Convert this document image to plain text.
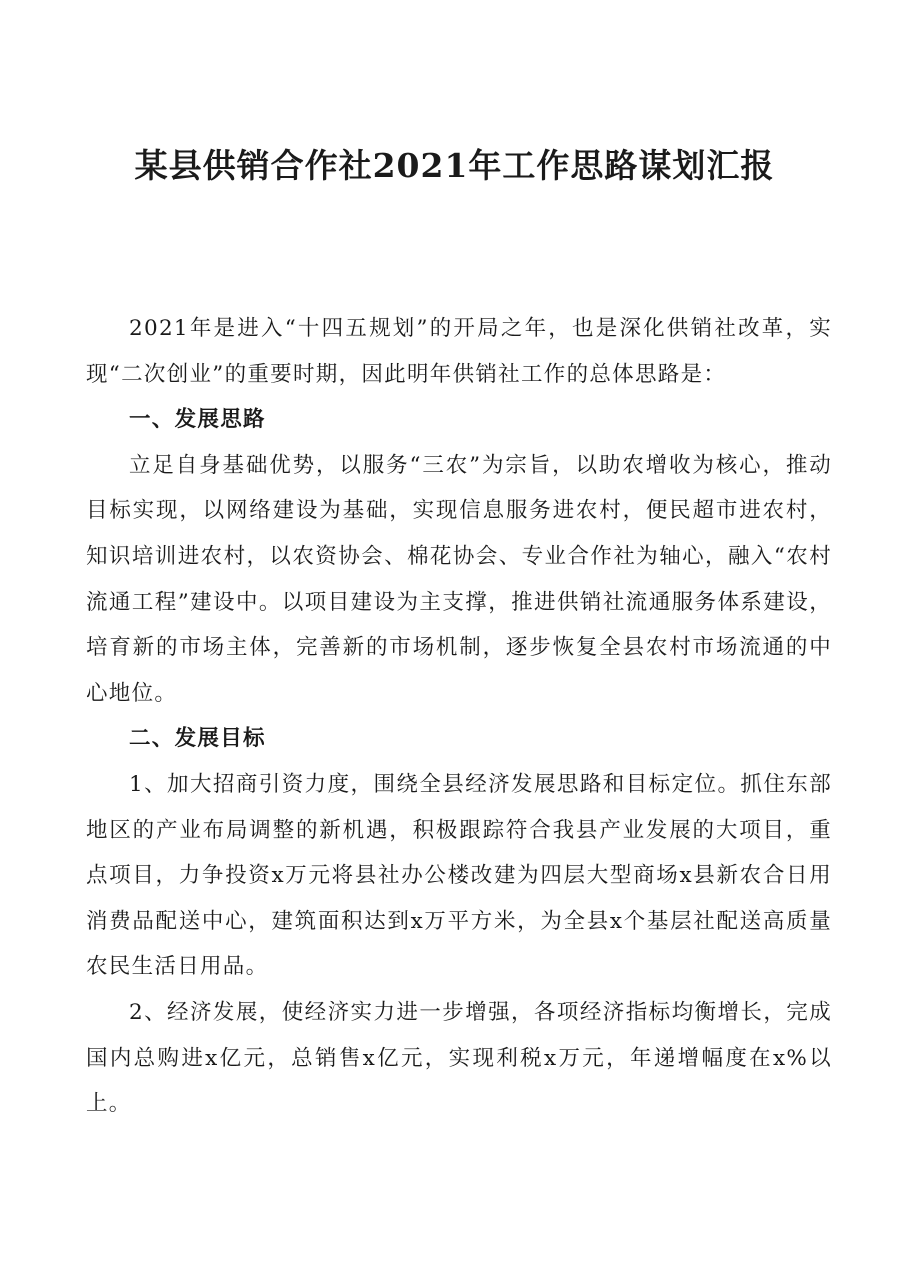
某县供销合作社2021年工作思路谋划汇报

2021年是进入“十四五规划”的开局之年，也是深化供销社改革，实现“二次创业”的重要时期，因此明年供销社工作的总体思路是：

一、发展思路

立足自身基础优势，以服务“三农”为宗旨，以助农增收为核心，推动目标实现，以网络建设为基础，实现信息服务进农村，便民超市进农村，知识培训进农村，以农资协会、棉花协会、专业合作社为轴心，融入“农村流通工程”建设中。以项目建设为主支撑，推进供销社流通服务体系建设，培育新的市场主体，完善新的市场机制，逐步恢复全县农村市场流通的中心地位。

二、发展目标

1、加大招商引资力度，围绕全县经济发展思路和目标定位。抓住东部地区的产业布局调整的新机遇，积极跟踪符合我县产业发展的大项目，重点项目，力争投资x万元将县社办公楼改建为四层大型商场x县新农合日用消费品配送中心，建筑面积达到x万平方米，为全县x个基层社配送高质量农民生活日用品。

2、经济发展，使经济实力进一步增强，各项经济指标均衡增长，完成国内总购进x亿元，总销售x亿元，实现利税x万元，年递增幅度在x%以上。
